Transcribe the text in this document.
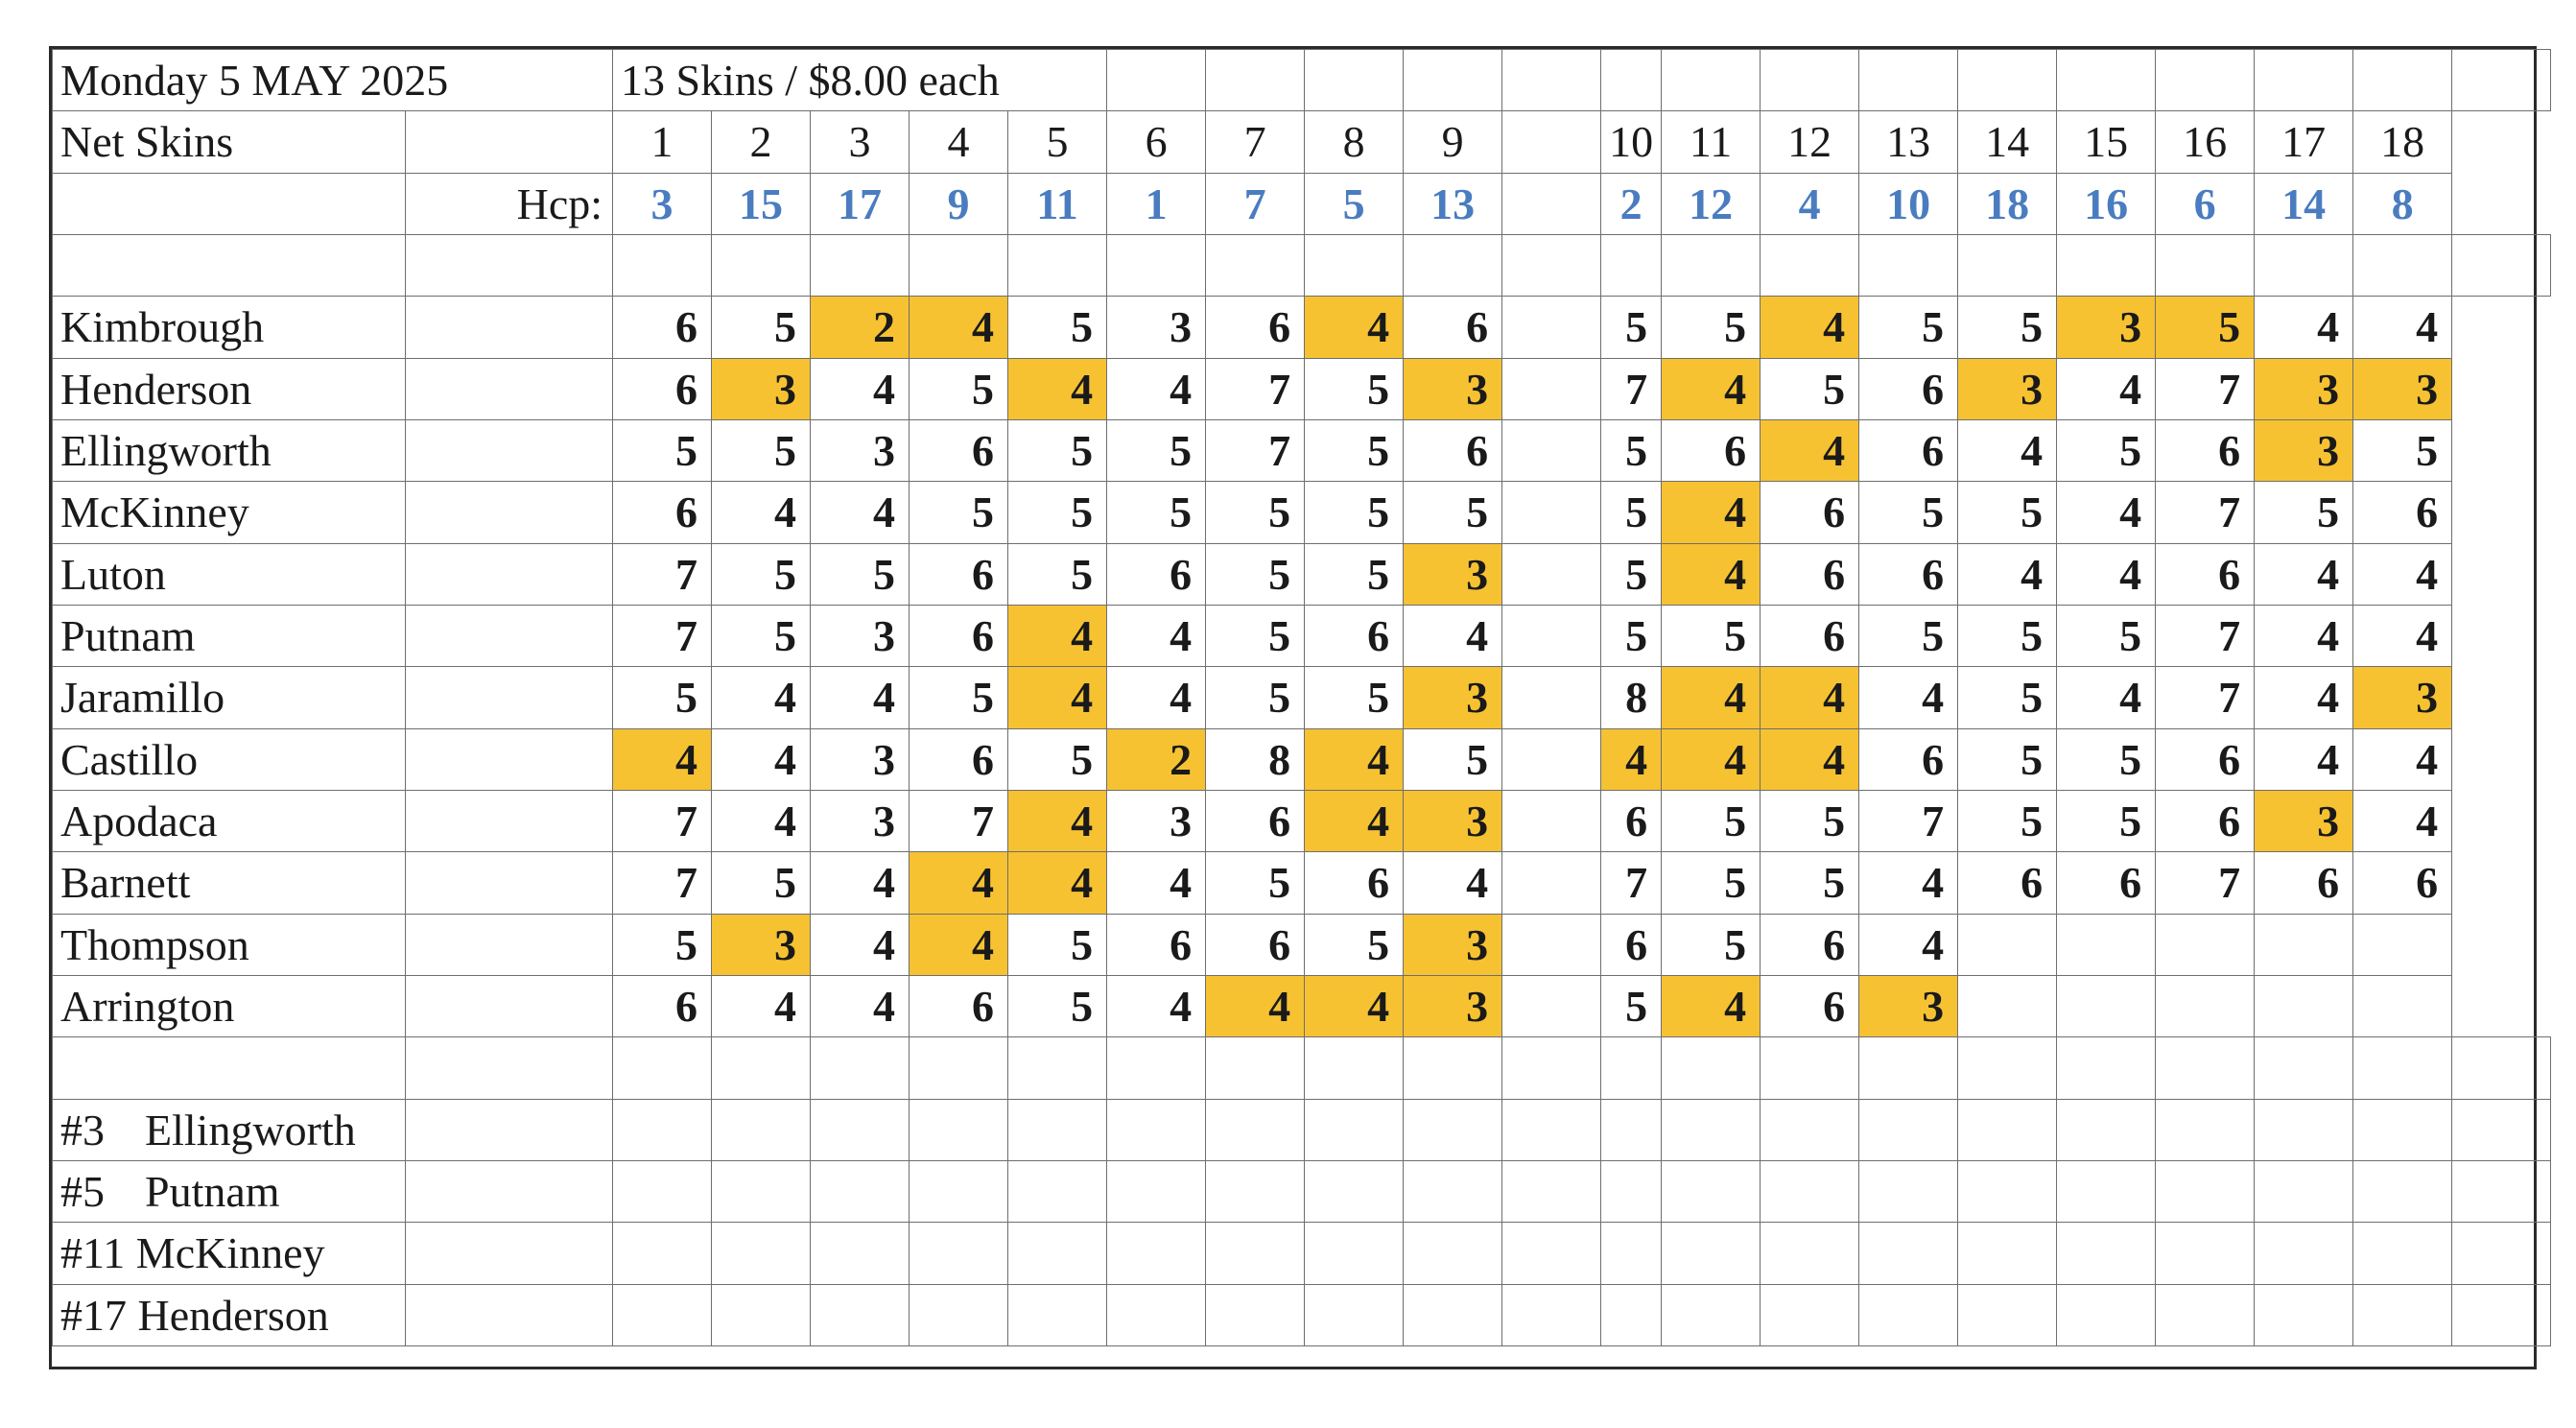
Monday 5 MAY 2025		13 Skins / $8.00 each																			
Net Skins		1	2	3	4	5	6	7	8	9		10	11	12	13	14	15	16	17	18	
	Hcp:	3	15	17	9	11	1	7	5	13		2	12	4	10	18	16	6	14	8	

Kimbrough		6	5	2	4	5	3	6	4	6		5	5	4	5	5	3	5	4	4	
Henderson		6	3	4	5	4	4	7	5	3		7	4	5	6	3	4	7	3	3	
Ellingworth		5	5	3	6	5	5	7	5	6		5	6	4	6	4	5	6	3	5	
McKinney		6	4	4	5	5	5	5	5	5		5	4	6	5	5	4	7	5	6	
Luton		7	5	5	6	5	6	5	5	3		5	4	6	6	4	4	6	4	4	
Putnam		7	5	3	6	4	4	5	6	4		5	5	6	5	5	5	7	4	4	
Jaramillo		5	4	4	5	4	4	5	5	3		8	4	4	4	5	4	7	4	3	
Castillo		4	4	3	6	5	2	8	4	5		4	4	4	6	5	5	6	4	4	
Apodaca		7	4	3	7	4	3	6	4	3		6	5	5	7	5	5	6	3	4	
Barnett		7	5	4	4	4	4	5	6	4		7	5	5	4	6	6	7	6	6	
Thompson		5	3	4	4	5	6	6	5	3		6	5	6	4						
Arrington		6	4	4	6	5	4	4	4	3		5	4	6	3						

#3 Ellingworth																					
#5 Putnam																					
#11 McKinney																					
#17 Henderson																					
